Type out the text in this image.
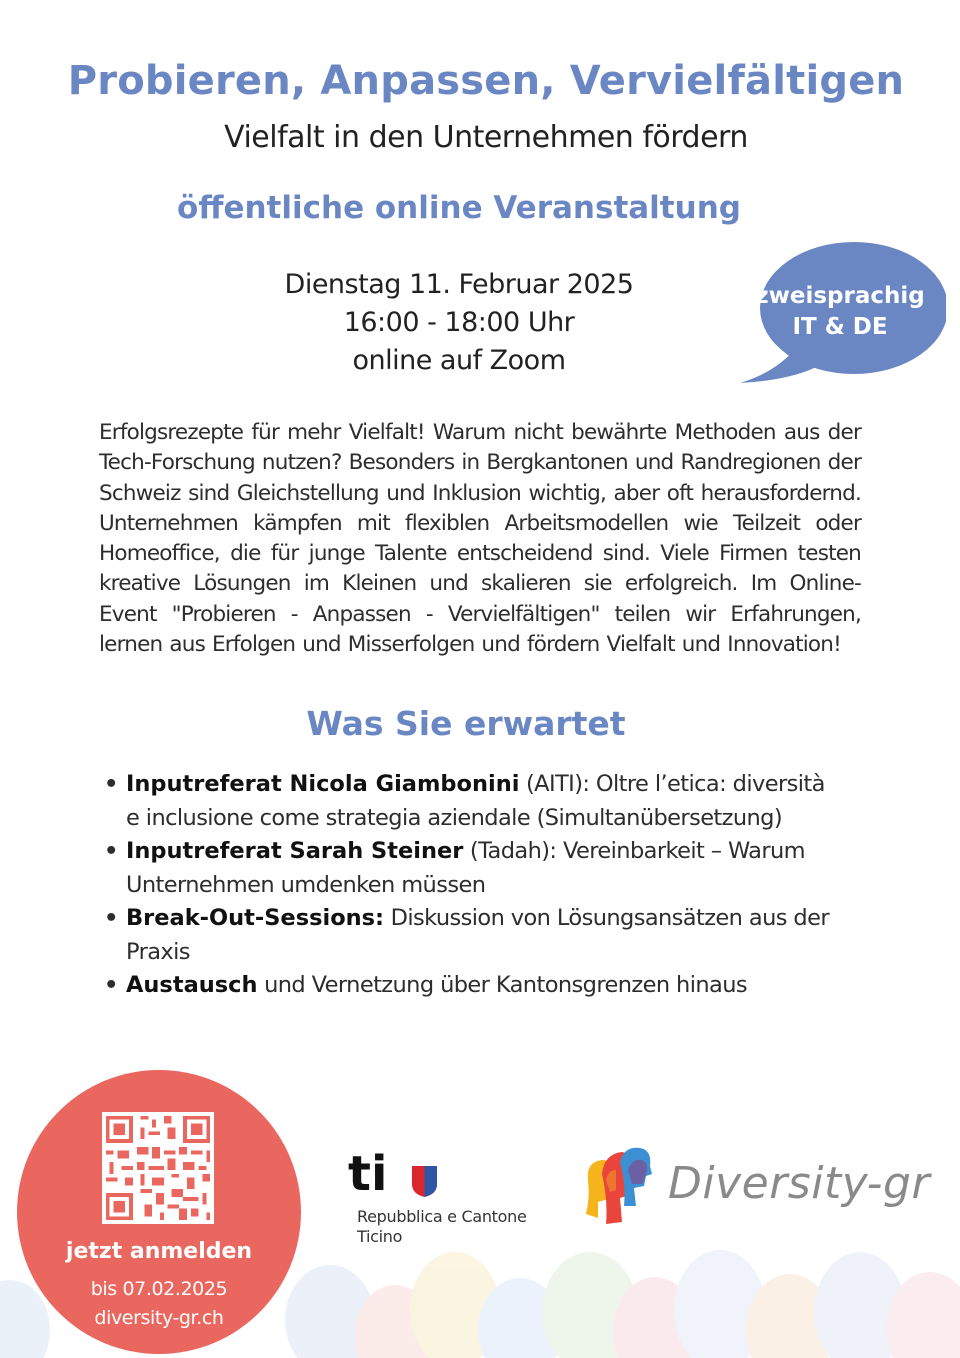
Probieren, Anpassen, Vervielfältigen
Vielfalt in den Unternehmen fördern
öffentliche online Veranstaltung
Dienstag 11. Februar 2025
16:00 - 18:00 Uhr
online auf Zoom
zweisprachig
IT & DE
Erfolgsrezepte für mehr Vielfalt! Warum nicht bewährte Methoden aus der Tech-Forschung nutzen? Besonders in Bergkantonen und Randregionen der Schweiz sind Gleichstellung und Inklusion wichtig, aber oft herausfordernd. Unternehmen kämpfen mit flexiblen Arbeitsmodellen wie Teilzeit oder Homeoffice, die für junge Talente entscheidend sind. Viele Firmen testen kreative Lösungen im Kleinen und skalieren sie erfolgreich. Im Online-Event "Probieren - Anpassen - Vervielfältigen" teilen wir Erfahrungen, lernen aus Erfolgen und Misserfolgen und fördern Vielfalt und Innovation!
Was Sie erwartet
• Inputreferat Nicola Giambonini (AITI): Oltre l’etica: diversità e inclusione come strategia aziendale (Simultanübersetzung)
• Inputreferat Sarah Steiner (Tadah): Vereinbarkeit – Warum Unternehmen umdenken müssen
• Break-Out-Sessions: Diskussion von Lösungsansätzen aus der Praxis
• Austausch und Vernetzung über Kantonsgrenzen hinaus
jetzt anmelden
bis 07.02.2025
diversity-gr.ch
ti
Repubblica e Cantone
Ticino
Diversity-gr
